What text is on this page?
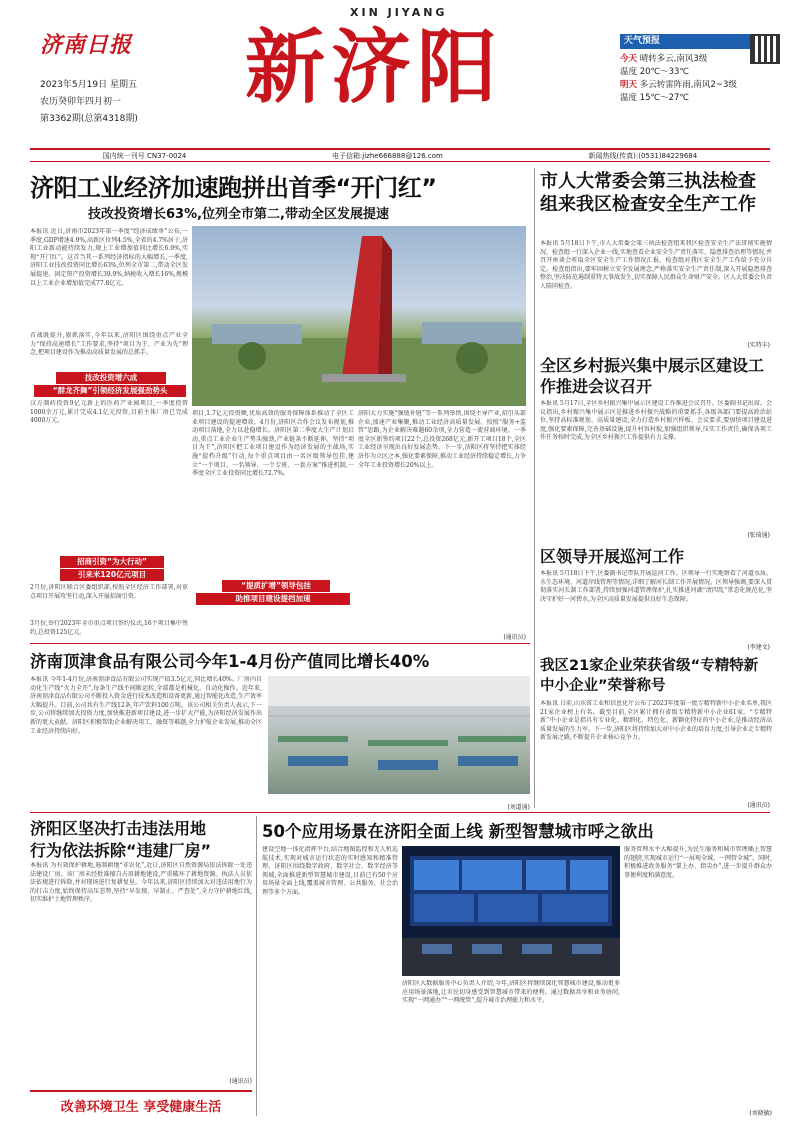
济南日报
XIN JIYANG
新济阳
2023年5月19日 星期五
农历癸卯年四月初一
第3362期(总第4318期)
天气预报
今天 晴转多云,南风3级
温度 20℃～33℃
明天 多云转雷阵雨,南风2~3级
温度 15℃～27℃
国内统一刊号 CN37-0024	电子信箱:jizhe666888@126.com	新闻热线(传真):(0531)84229684
济阳工业经济加速跑拼出首季“开门红”
技改投资增长63%,位列全市第二,带动全区发展提速
本报讯 近日,济南市2023年第一季度“经济成绩单”公布,一季度,GDP增速4.9%,高新区位列4.5%,全省的4.7%居于,济阳工业新动能持续发力,规上工业增加值同比增长6.9%,实现“开门红”。这首当其一系列经济指标的大幅增长,一季度,济阳工业技改投资同比增长63%,位列全市第二,带动全区发展提速。固定资产投资增长39.9%,纳税收入增长16%,规模以上工业企业增加值完成77.8亿元。
首战既提升,狠抓落实,今年以来,济阳区围绕重点产业全力“保持高速增长”工作要求,坚持“项目为王、产业为先”理念,把项目建设作为推动高质量发展的总抓手。
技改投资增六成
“群龙齐舞”引领经济发展强劲势头
汉方制药投资9亿元新上的医药产业园项目,一季度投资1000余万元,累计完成4.1亿元投资,目前主体厂房已完成4000万元。
招商引资“为大行动”
引来米120亿元项目
2月份,济阳区联合区委组织部,按照全区经济工作部署,对重点项目开展攻坚行动,深入开展招商引资。
3月份,举行2023年全市重点项目签约仪式,16个项目集中签约,总投资125亿元。
项目,1.7亿元投资额,优质高效的服务保障体系推动了全区工业项目建设的提速增效。4月份,济阳区合作会议发布规划,推动项目落地,全力以赴稳增长。济阳区第二季度大生产计划启动,重点工业企业生产势头强劲,产业链条不断延伸。坚持“项目为王”,济阳区把工业项目建设作为经济发展的主战场,实施“提档升级”行动,每个重点项目由一名区级领导包挂,建立“一个项目、一名领导、一个专班、一套方案”推进机制,一季度全区工业投资同比增长72.7%。
“提质扩增”领导包挂
助推项目建设提档加速
济阳大力实施“强链补链”等一系列举措,围绕主导产业,招引头部企业,加速产业集聚,推动工业经济高质量发展。按照“服务+监管”思路,为企业解决难题60余项,全力营造一流营商环境。一季度全区新签约项目22个,总投资268亿元,新开工项目18个,全区工业经济呈现出良好发展态势。下一步,济阳区将坚持把实体经济作为立区之本,强化要素保障,推动工业经济持续稳定增长,力争全年工业投资增长20%以上。
(通讯员)
济南顶津食品有限公司今年1-4月份产值同比增长40%
本报讯 今年1-4月份,济南顶津食品有限公司实现产值3.5亿元,同比增长40%。厂房内自动化生产线“火力全开”,每条生产线不间断运转,全部都是机械化、自动化操作。近年来,济南顶津食品有限公司不断投入资金进行技术改造和设备更新,通过智能化改造,生产效率大幅提升。目前,公司共有生产线12条,年产饮料100万吨。该公司相关负责人表示,下一步,公司将继续加大投资力度,加快推进新项目建设,进一步扩大产能,为济阳经济发展作出新的更大贡献。济阳区积极帮助企业解决用工、融资等难题,全力护航企业发展,推动全区工业经济持续向好。
(刘道通)
市人大常委会第三执法检查组来我区检查安全生产工作
本报讯 5月18日下午,市人大常委会第三执法检查组来我区检查安全生产法贯彻实施情况。检查组一行深入企业一线,实地查看企业安全生产责任落实、隐患排查治理等情况,并召开座谈会听取全区安全生产工作情况汇报。检查组对我区安全生产工作给予充分肯定。检查组指出,要牢固树立安全发展理念,严格落实安全生产责任制,深入开展隐患排查整治,坚决防范遏制重特大事故发生,切实保障人民群众生命财产安全。区人大常委会负责人陪同检查。
(实特丰)
全区乡村振兴集中展示区建设工作推进会议召开
本报讯 5月17日,全区乡村振兴集中展示区建设工作推进会议召开。区委副书记出席。会议指出,乡村振兴集中展示区是推进乡村振兴战略的重要抓手,各级各部门要提高政治站位,坚持高标准规划、高质量建设,全力打造乡村振兴样板。会议要求,要加快项目建设进度,强化要素保障,完善基础设施,提升村容村貌,加强组织领导,压实工作责任,确保各项工作任务按时完成,为全区乡村振兴工作提供有力支撑。
(张琦通)
区领导开展巡河工作
本报讯 5月18日下午,区委副书记带队开展巡河工作。区领导一行实地察看了河道水质、水生态环境、河道岸线管理等情况,详细了解河长制工作开展情况。区领导强调,要深入贯彻落实河长制工作部署,持续加强河道管理保护,扎实推进河湖“清四乱”常态化规范化,坚决守护好一河碧水,为全区高质量发展提供良好生态保障。
(李建文)
我区21家企业荣获省级“专精特新中小企业”荣誉称号
本报讯 日前,山东省工业和信息化厅公布了2023年度第一批专精特新中小企业名单,我区21家企业榜上有名。截至目前,全区累计拥有省级专精特新中小企业61家。“专精特新”中小企业是指具有专业化、精细化、特色化、新颖化特征的中小企业,是推动经济高质量发展的生力军。下一步,济阳区将持续加大对中小企业的培育力度,引导企业走专精特新发展之路,不断提升企业核心竞争力。
(通讯员)
济阳区坚决打击违法用地
行为依法拆除“违建厂房”
本报讯 为有效保护耕地,遏制耕地“非农化”,近日,济阳区自然资源局依法拆除一处违法建设厂房。该厂房未经批准擅自占用耕地建设,严重破坏了耕地资源。执法人员依法依规进行拆除,并对现场进行复耕复垦。今年以来,济阳区持续加大对违法用地行为的打击力度,始终保持高压态势,坚持“早发现、早制止、严查处”,全力守护耕地红线,切实维护土地管理秩序。
(通讯员)
改善环境卫生 享受健康生活
50个应用场景在济阳全面上线 新型智慧城市呼之欲出
建设空地一体化指挥平台,结合地图监控和无人机巡航技术,实现对城市运行状态的实时感知和精准管理。济阳区围绕数字政府、数字社会、数字经济等领域,全面推进新型智慧城市建设,目前已有50个应用场景全面上线,覆盖城市管理、公共服务、社会治理等多个方面。
济阳区大数据服务中心负责人介绍,今年,济阳区将继续深化智慧城市建设,推动更多应用场景落地,让市民切身感受到智慧城市带来的便利。通过数据共享和业务协同,实现“一网通办”“一网统管”,提升城市治理能力和水平。
服务管理水平大幅提升,为民生服务和城市管理插上智慧的翅膀,实现城市运行“一屏观全域、一网管全城”。同时,积极推进政务服务“掌上办、指尖办”,进一步提升群众办事便利度和满意度。
(刘晓敏)
